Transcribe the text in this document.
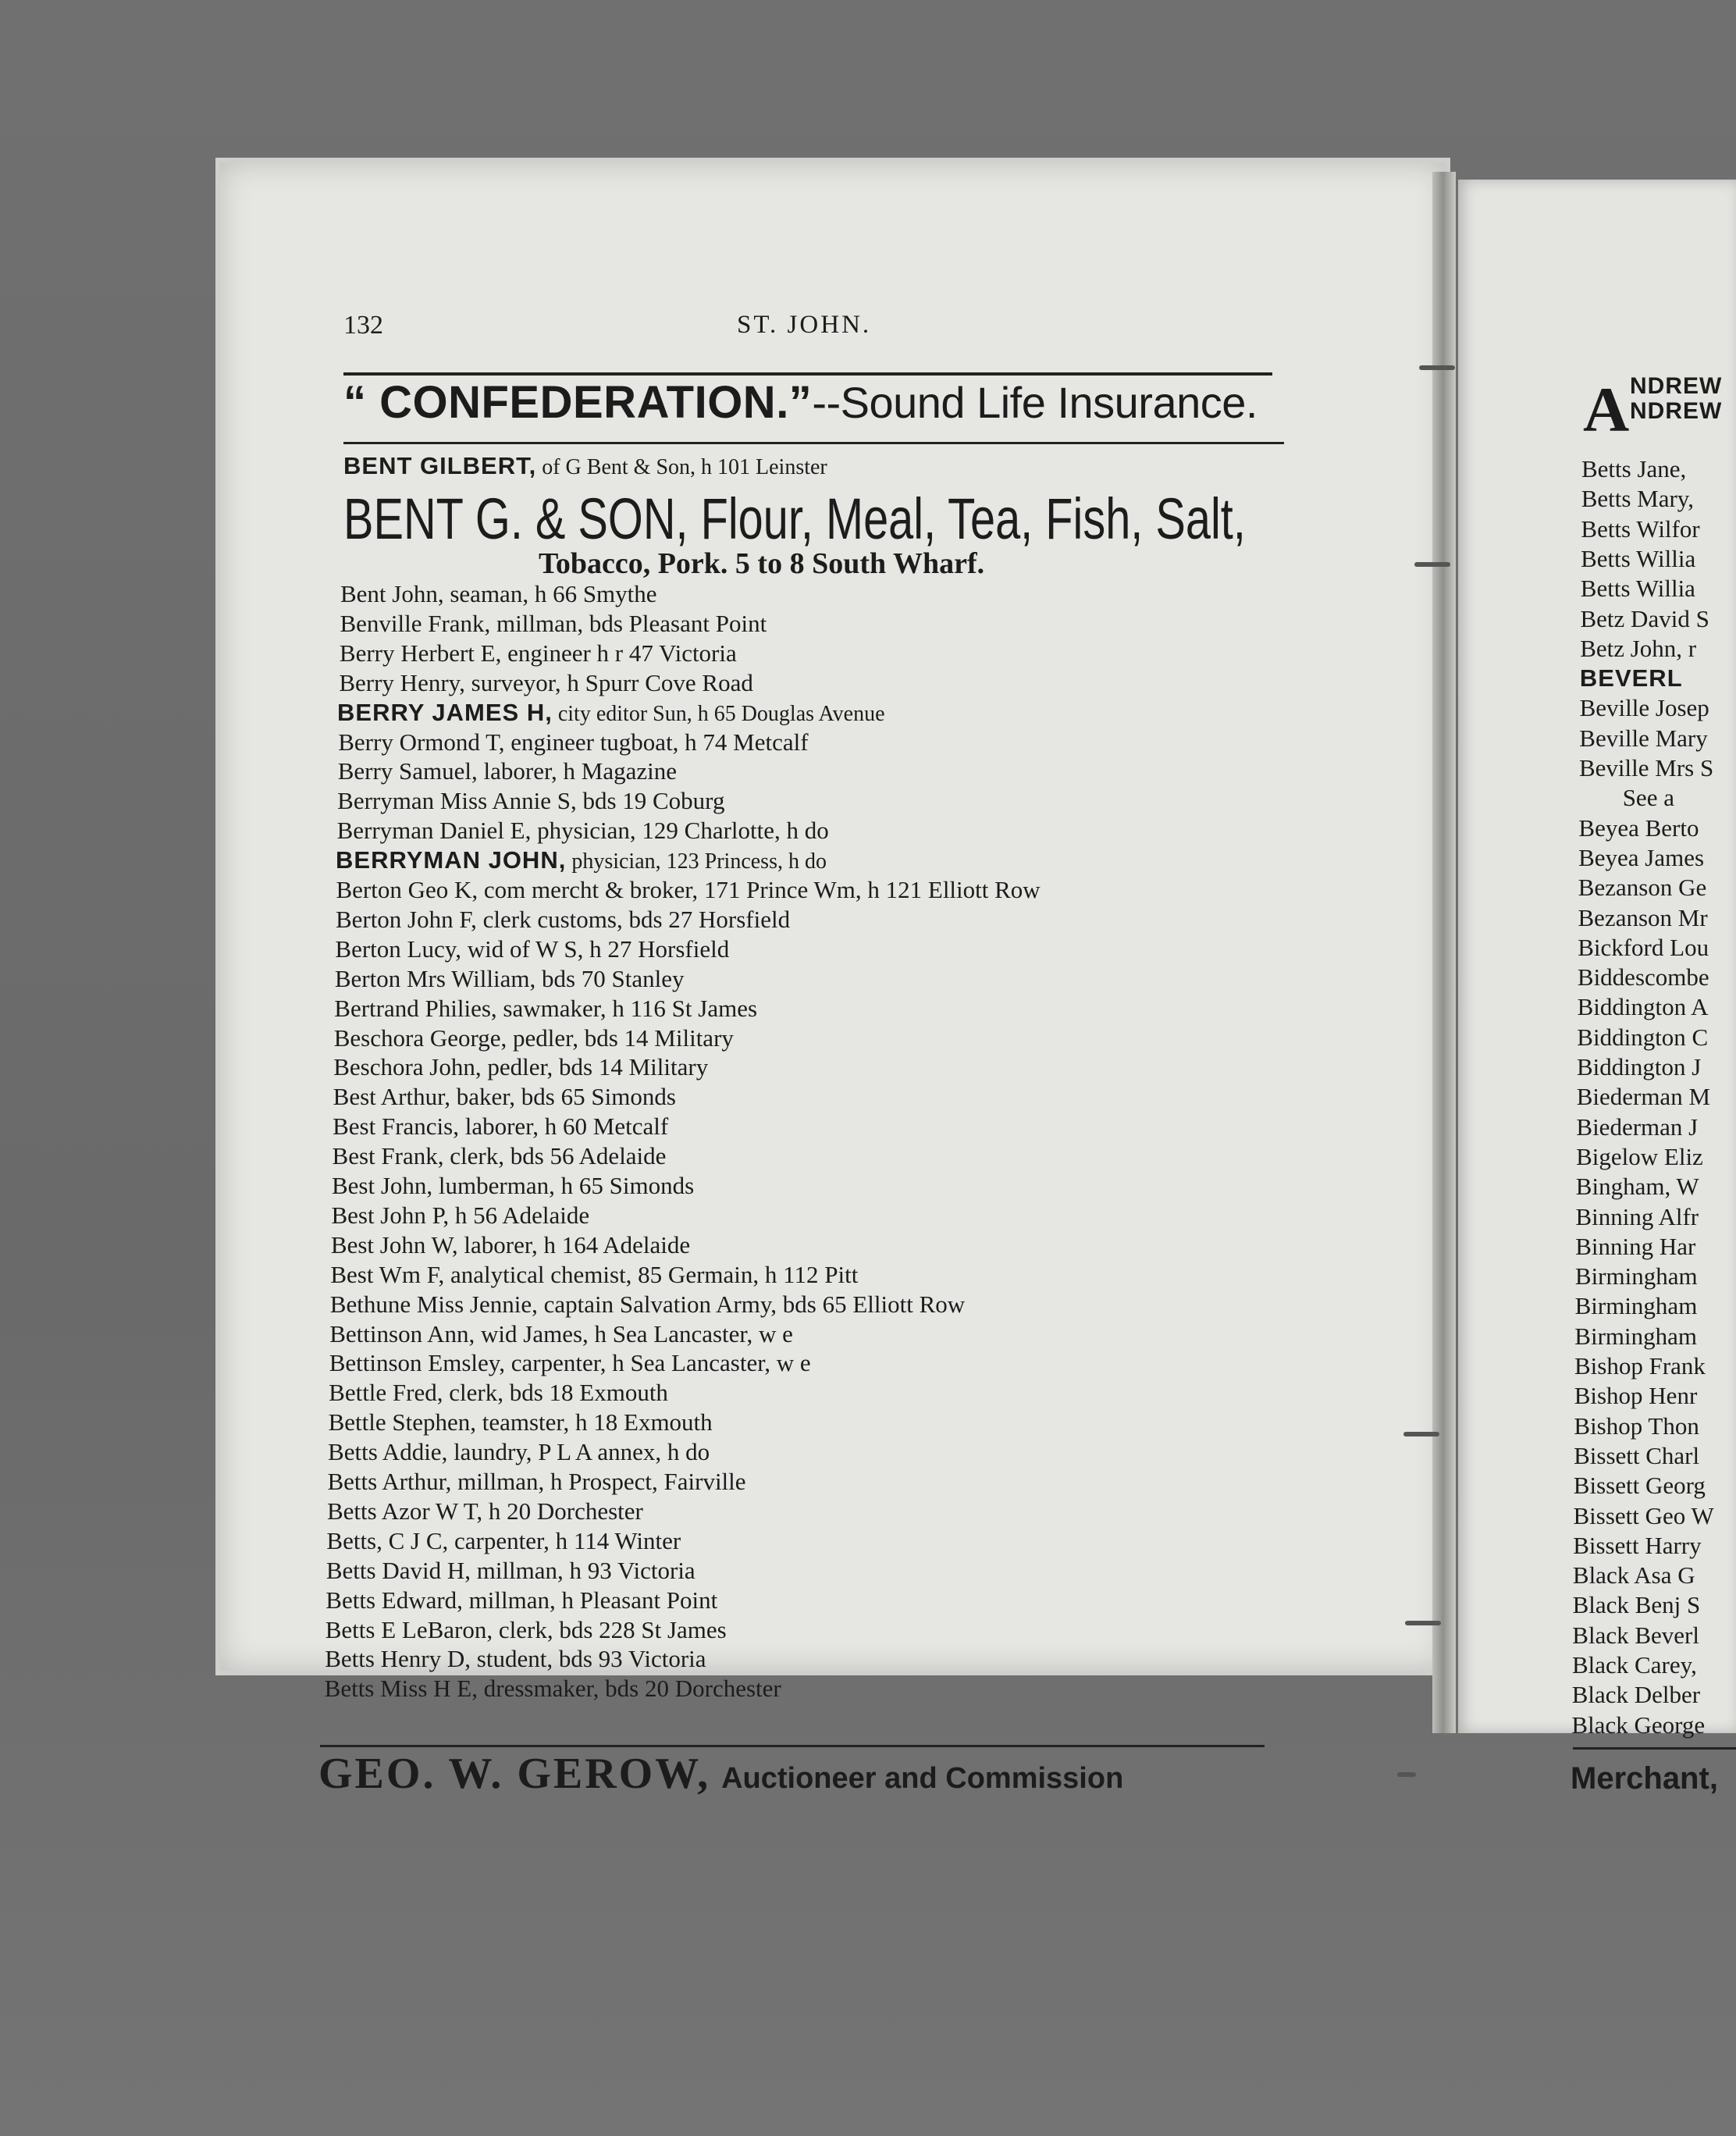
132	ST. JOHN.
“ CONFEDERATION.”--Sound Life Insurance.
BENT GILBERT, of G Bent & Son, h 101 Leinster
BENT G. & SON, Flour, Meal, Tea, Fish, Salt,
Tobacco, Pork. 5 to 8 South Wharf.
Bent John, seaman, h 66 Smythe
Benville Frank, millman, bds Pleasant Point
Berry Herbert E, engineer h r 47 Victoria
Berry Henry, surveyor, h Spurr Cove Road
Berry Ormond T, engineer tugboat, h 74 Metcalf
Berry Samuel, laborer, h Magazine
Berryman Miss Annie S, bds 19 Coburg
Berryman Daniel E, physician, 129 Charlotte, h do
Berton Geo K, com mercht & broker, 171 Prince Wm, h 121 Elliott Row
Berton John F, clerk customs, bds 27 Horsfield
Berton Lucy, wid of W S, h 27 Horsfield
Berton Mrs William, bds 70 Stanley
Bertrand Philies, sawmaker, h 116 St James
Beschora George, pedler, bds 14 Military
Beschora John, pedler, bds 14 Military
Best Arthur, baker, bds 65 Simonds
Best Francis, laborer, h 60 Metcalf
Best Frank, clerk, bds 56 Adelaide
Best John, lumberman, h 65 Simonds
Best John P, h 56 Adelaide
Best John W, laborer, h 164 Adelaide
Best Wm F, analytical chemist, 85 Germain, h 112 Pitt
Bethune Miss Jennie, captain Salvation Army, bds 65 Elliott Row
Bettinson Ann, wid James, h Sea Lancaster, w e
Bettinson Emsley, carpenter, h Sea Lancaster, w e
Bettle Fred, clerk, bds 18 Exmouth
Bettle Stephen, teamster, h 18 Exmouth
Betts Addie, laundry, P L A annex, h do
Betts Arthur, millman, h Prospect, Fairville
Betts Azor W T, h 20 Dorchester
Betts, C J C, carpenter, h 114 Winter
Betts David H, millman, h 93 Victoria
Betts Edward, millman, h Pleasant Point
Betts E LeBaron, clerk, bds 228 St James
Betts Henry D, student, bds 93 Victoria
Betts Miss H E, dressmaker, bds 20 Dorchester
BERRY JAMES H, city editor Sun, h 65 Douglas Avenue
BERRYMAN JOHN, physician, 123 Princess, h do
GEO. W. GEROW, Auctioneer and Commission
A NDREW
NDREW
Betts Jane,
Betts Mary,
Betts Wilfor
Betts Willia
Betts Willia
Betz David S
Betz John, r
BEVERL
Beville Josep
Beville Mary
Beville Mrs S
See a
Beyea Berto
Beyea James
Bezanson Ge
Bezanson Mr
Bickford Lou
Biddescombe
Biddington A
Biddington C
Biddington J
Biederman M
Biederman J
Bigelow Eliz
Bingham, W
Binning Alfr
Binning Har
Birmingham
Birmingham
Birmingham
Bishop Frank
Bishop Henr
Bishop Thon
Bissett Charl
Bissett Georg
Bissett Geo W
Bissett Harry
Black Asa G
Black Benj S
Black Beverl
Black Carey,
Black Delber
Black George
Merchant,
